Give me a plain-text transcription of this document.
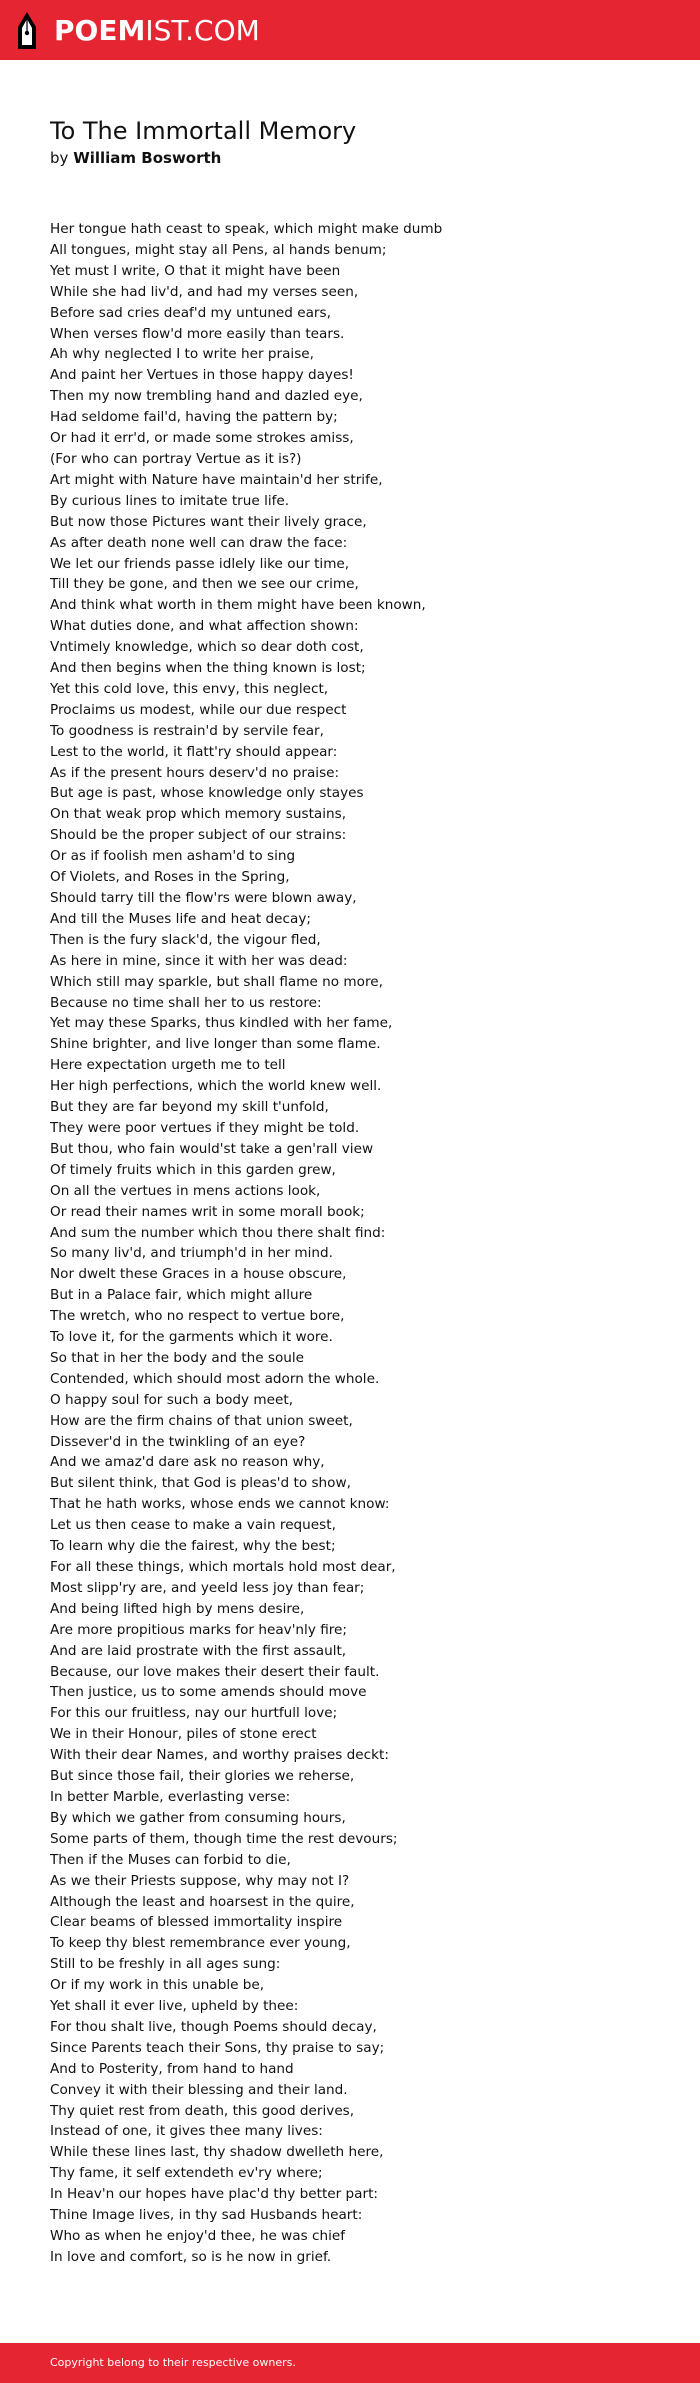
POEMIST.COM
To The Immortall Memory
by William Bosworth
Her tongue hath ceast to speak, which might make dumb
All tongues, might stay all Pens, al hands benum;
Yet must I write, O that it might have been
While she had liv'd, and had my verses seen,
Before sad cries deaf'd my untuned ears,
When verses flow'd more easily than tears.
Ah why neglected I to write her praise,
And paint her Vertues in those happy dayes!
Then my now trembling hand and dazled eye,
Had seldome fail'd, having the pattern by;
Or had it err'd, or made some strokes amiss,
(For who can portray Vertue as it is?)
Art might with Nature have maintain'd her strife,
By curious lines to imitate true life.
But now those Pictures want their lively grace,
As after death none well can draw the face:
We let our friends passe idlely like our time,
Till they be gone, and then we see our crime,
And think what worth in them might have been known,
What duties done, and what affection shown:
Vntimely knowledge, which so dear doth cost,
And then begins when the thing known is lost;
Yet this cold love, this envy, this neglect,
Proclaims us modest, while our due respect
To goodness is restrain'd by servile fear,
Lest to the world, it flatt'ry should appear:
As if the present hours deserv'd no praise:
But age is past, whose knowledge only stayes
On that weak prop which memory sustains,
Should be the proper subject of our strains:
Or as if foolish men asham'd to sing
Of Violets, and Roses in the Spring,
Should tarry till the flow'rs were blown away,
And till the Muses life and heat decay;
Then is the fury slack'd, the vigour fled,
As here in mine, since it with her was dead:
Which still may sparkle, but shall flame no more,
Because no time shall her to us restore:
Yet may these Sparks, thus kindled with her fame,
Shine brighter, and live longer than some flame.
Here expectation urgeth me to tell
Her high perfections, which the world knew well.
But they are far beyond my skill t'unfold,
They were poor vertues if they might be told.
But thou, who fain would'st take a gen'rall view
Of timely fruits which in this garden grew,
On all the vertues in mens actions look,
Or read their names writ in some morall book;
And sum the number which thou there shalt find:
So many liv'd, and triumph'd in her mind.
Nor dwelt these Graces in a house obscure,
But in a Palace fair, which might allure
The wretch, who no respect to vertue bore,
To love it, for the garments which it wore.
So that in her the body and the soule
Contended, which should most adorn the whole.
O happy soul for such a body meet,
How are the firm chains of that union sweet,
Dissever'd in the twinkling of an eye?
And we amaz'd dare ask no reason why,
But silent think, that God is pleas'd to show,
That he hath works, whose ends we cannot know:
Let us then cease to make a vain request,
To learn why die the fairest, why the best;
For all these things, which mortals hold most dear,
Most slipp'ry are, and yeeld less joy than fear;
And being lifted high by mens desire,
Are more propitious marks for heav'nly fire;
And are laid prostrate with the first assault,
Because, our love makes their desert their fault.
Then justice, us to some amends should move
For this our fruitless, nay our hurtfull love;
We in their Honour, piles of stone erect
With their dear Names, and worthy praises deckt:
But since those fail, their glories we reherse,
In better Marble, everlasting verse:
By which we gather from consuming hours,
Some parts of them, though time the rest devours;
Then if the Muses can forbid to die,
As we their Priests suppose, why may not I?
Although the least and hoarsest in the quire,
Clear beams of blessed immortality inspire
To keep thy blest remembrance ever young,
Still to be freshly in all ages sung:
Or if my work in this unable be,
Yet shall it ever live, upheld by thee:
For thou shalt live, though Poems should decay,
Since Parents teach their Sons, thy praise to say;
And to Posterity, from hand to hand
Convey it with their blessing and their land.
Thy quiet rest from death, this good derives,
Instead of one, it gives thee many lives:
While these lines last, thy shadow dwelleth here,
Thy fame, it self extendeth ev'ry where;
In Heav'n our hopes have plac'd thy better part:
Thine Image lives, in thy sad Husbands heart:
Who as when he enjoy'd thee, he was chief
In love and comfort, so is he now in grief.
Copyright belong to their respective owners.
